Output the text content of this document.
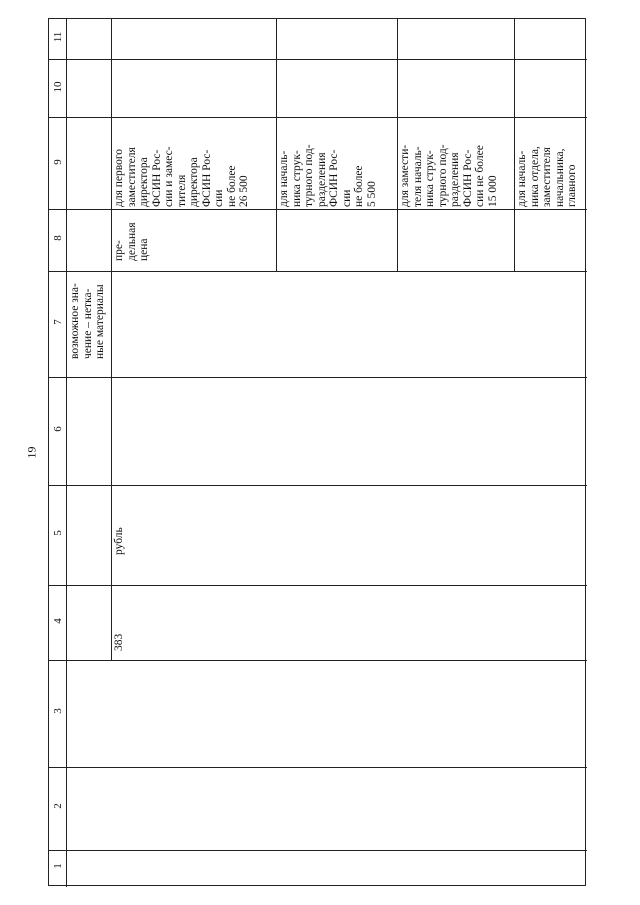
19
11
10
9
8
7
6
5
4
3
2
1
383
рубль
возможное зна- чение – нетка- ные материалы
пре- дельная цена
для первого заместителя директора ФСИН Рос- сии и замес- тителя директора ФСИН Рос- сии не более 26 500 для началь- ника струк- турного под- разделения ФСИН Рос- сии не более 5 500 для замести- теля началь- ника струк- турного под- разделения ФСИН Рос- сии не более 15 000 для началь- ника отдела, заместителя начальника, главного
